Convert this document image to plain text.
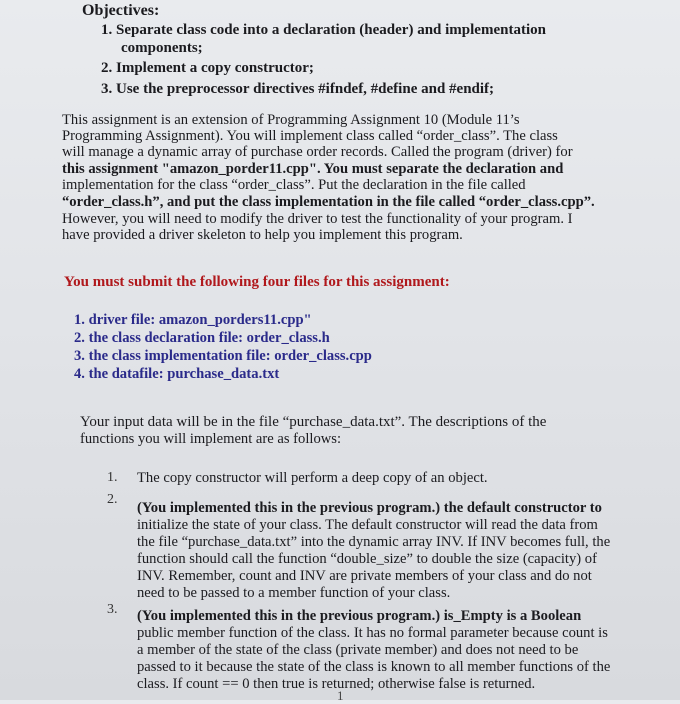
Objectives:
1. Separate class code into a declaration (header) and implementation
components;
2. Implement a copy constructor;
3. Use the preprocessor directives #ifndef, #define and #endif;
This assignment is an extension of Programming Assignment 10 (Module 11’s
Programming Assignment). You will implement class called “order_class”. The class
will manage a dynamic array of purchase order records. Called the program (driver) for
this assignment "amazon_porder11.cpp". You must separate the declaration and
implementation for the class “order_class”. Put the declaration in the file called
“order_class.h”, and put the class implementation in the file called “order_class.cpp”.
However, you will need to modify the driver to test the functionality of your program. I
have provided a driver skeleton to help you implement this program.
You must submit the following four files for this assignment:
1. driver file: amazon_porders11.cpp"
2. the class declaration file: order_class.h
3. the class implementation file: order_class.cpp
4. the datafile: purchase_data.txt
Your input data will be in the file “purchase_data.txt”. The descriptions of the
functions you will implement are as follows:
1. The copy constructor will perform a deep copy of an object.
2.
(You implemented this in the previous program.) the default constructor to
initialize the state of your class. The default constructor will read the data from
the file “purchase_data.txt” into the dynamic array INV. If INV becomes full, the
function should call the function “double_size” to double the size (capacity) of
INV. Remember, count and INV are private members of your class and do not
need to be passed to a member function of your class.
3. (You implemented this in the previous program.) is_Empty is a Boolean
public member function of the class. It has no formal parameter because count is
a member of the state of the class (private member) and does not need to be
passed to it because the state of the class is known to all member functions of the
class. If count == 0 then true is returned; otherwise false is returned.
1
